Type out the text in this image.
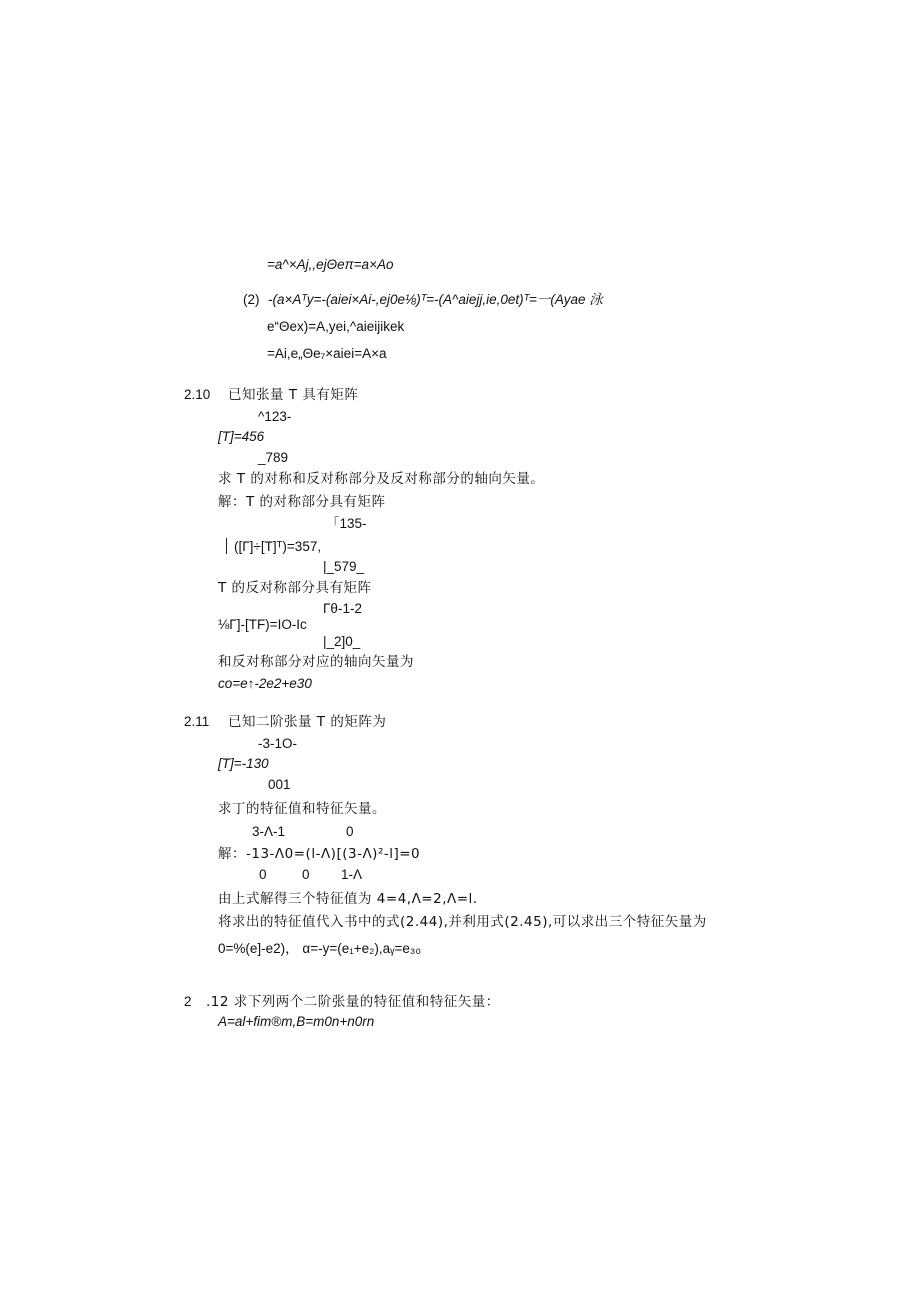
=a^×Aj,,ejΘeπ=a×Ao
(2) -(a×Aᵀy=-(aiei×Ai-,ej0e⅛)ᵀ=-(A^aiejj,ie,0et)ᵀ=一(Ayae 泳
e“Θex)=A,yei,^aieijikek
=Ai,e„Θe₇×aiei=A×a
2.10 已知张量 T 具有矩阵
^123-
[T]=456
_789
求 T 的对称和反对称部分及反对称部分的轴向矢量。
解：T 的对称部分具有矩阵
「135-
([Γ]÷[T]ᵀ)=357,
|_579_
T 的反对称部分具有矩阵
Γθ-1-2
⅛Γ]-[TF)=IO-Ic
|_2]0_
和反对称部分对应的轴向矢量为
co=e↑-2e2+e30
2.11 已知二阶张量 T 的矩阵为
-3-1O-
[T]=-130
001
求丁的特征值和特征矢量。
3-Λ-1	0
解：-13-Λ0=(l-Λ)[(3-Λ)²-l]=0
0	0 1-Λ
由上式解得三个特征值为 4=4,Λ=2,Λ=l.
将求出的特征值代入书中的式(2.44),并利用式(2.45),可以求出三个特征矢量为
0=%(e]-e2)， α=-y=(e₁+e₂),aᵧ=e₃₀
2 .12 求下列两个二阶张量的特征值和特征矢量：
A=al+fim®m,B=m0n+n0rn
